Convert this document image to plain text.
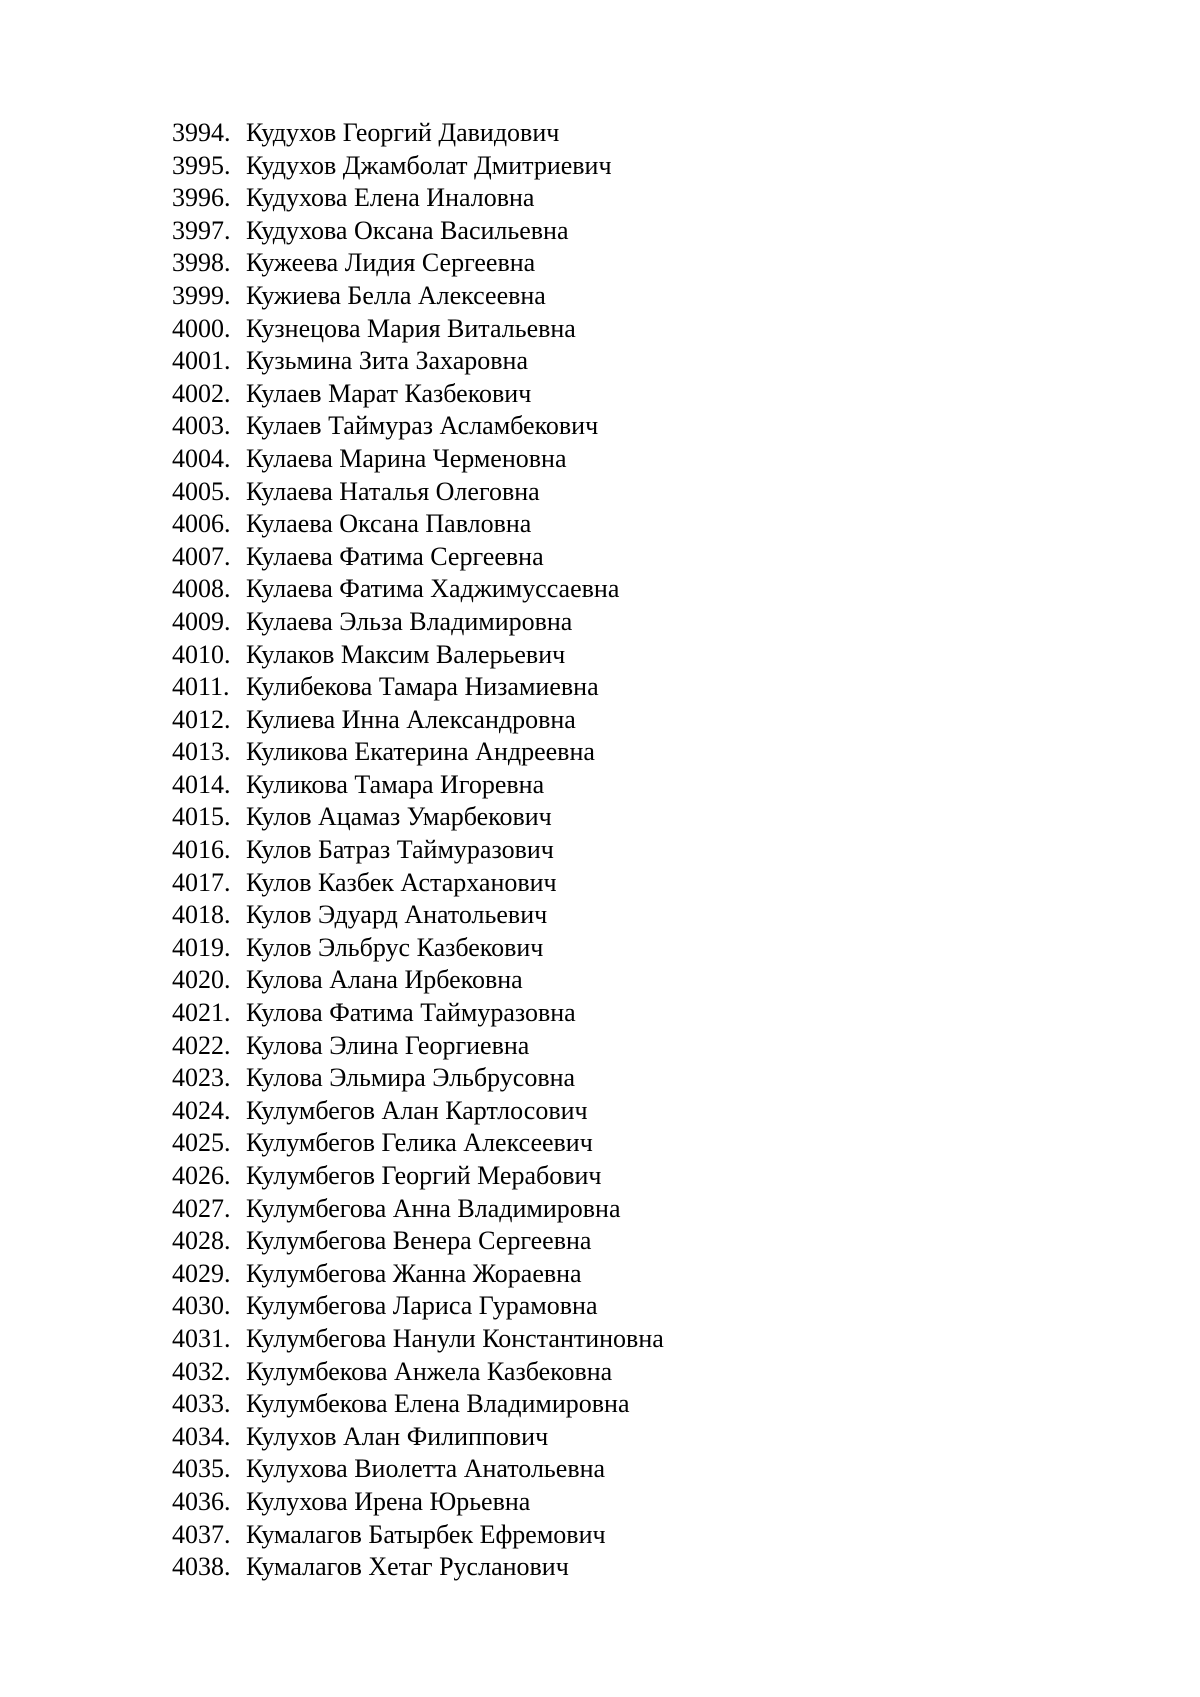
3994. Кудухов Георгий Давидович
3995. Кудухов Джамболат Дмитриевич
3996. Кудухова Елена Иналовна
3997. Кудухова Оксана Васильевна
3998. Кужеева Лидия Сергеевна
3999. Кужиева Белла Алексеевна
4000. Кузнецова Мария Витальевна
4001. Кузьмина Зита Захаровна
4002. Кулаев Марат Казбекович
4003. Кулаев Таймураз Асламбекович
4004. Кулаева Марина Черменовна
4005. Кулаева Наталья Олеговна
4006. Кулаева Оксана Павловна
4007. Кулаева Фатима Сергеевна
4008. Кулаева Фатима Хаджимуссаевна
4009. Кулаева Эльза Владимировна
4010. Кулаков Максим Валерьевич
4011. Кулибекова Тамара Низамиевна
4012. Кулиева Инна Александровна
4013. Куликова Екатерина Андреевна
4014. Куликова Тамара Игоревна
4015. Кулов Ацамаз Умарбекович
4016. Кулов Батраз Таймуразович
4017. Кулов Казбек Астарханович
4018. Кулов Эдуард Анатольевич
4019. Кулов Эльбрус Казбекович
4020. Кулова Алана Ирбековна
4021. Кулова Фатима Таймуразовна
4022. Кулова Элина Георгиевна
4023. Кулова Эльмира Эльбрусовна
4024. Кулумбегов Алан Картлосович
4025. Кулумбегов Гелика Алексеевич
4026. Кулумбегов Георгий Мерабович
4027. Кулумбегова Анна Владимировна
4028. Кулумбегова Венера Сергеевна
4029. Кулумбегова Жанна Жораевна
4030. Кулумбегова Лариса Гурамовна
4031. Кулумбегова Нанули Константиновна
4032. Кулумбекова Анжела Казбековна
4033. Кулумбекова Елена Владимировна
4034. Кулухов Алан Филиппович
4035. Кулухова Виолетта Анатольевна
4036. Кулухова Ирена Юрьевна
4037. Кумалагов Батырбек Ефремович
4038. Кумалагов Хетаг Русланович
